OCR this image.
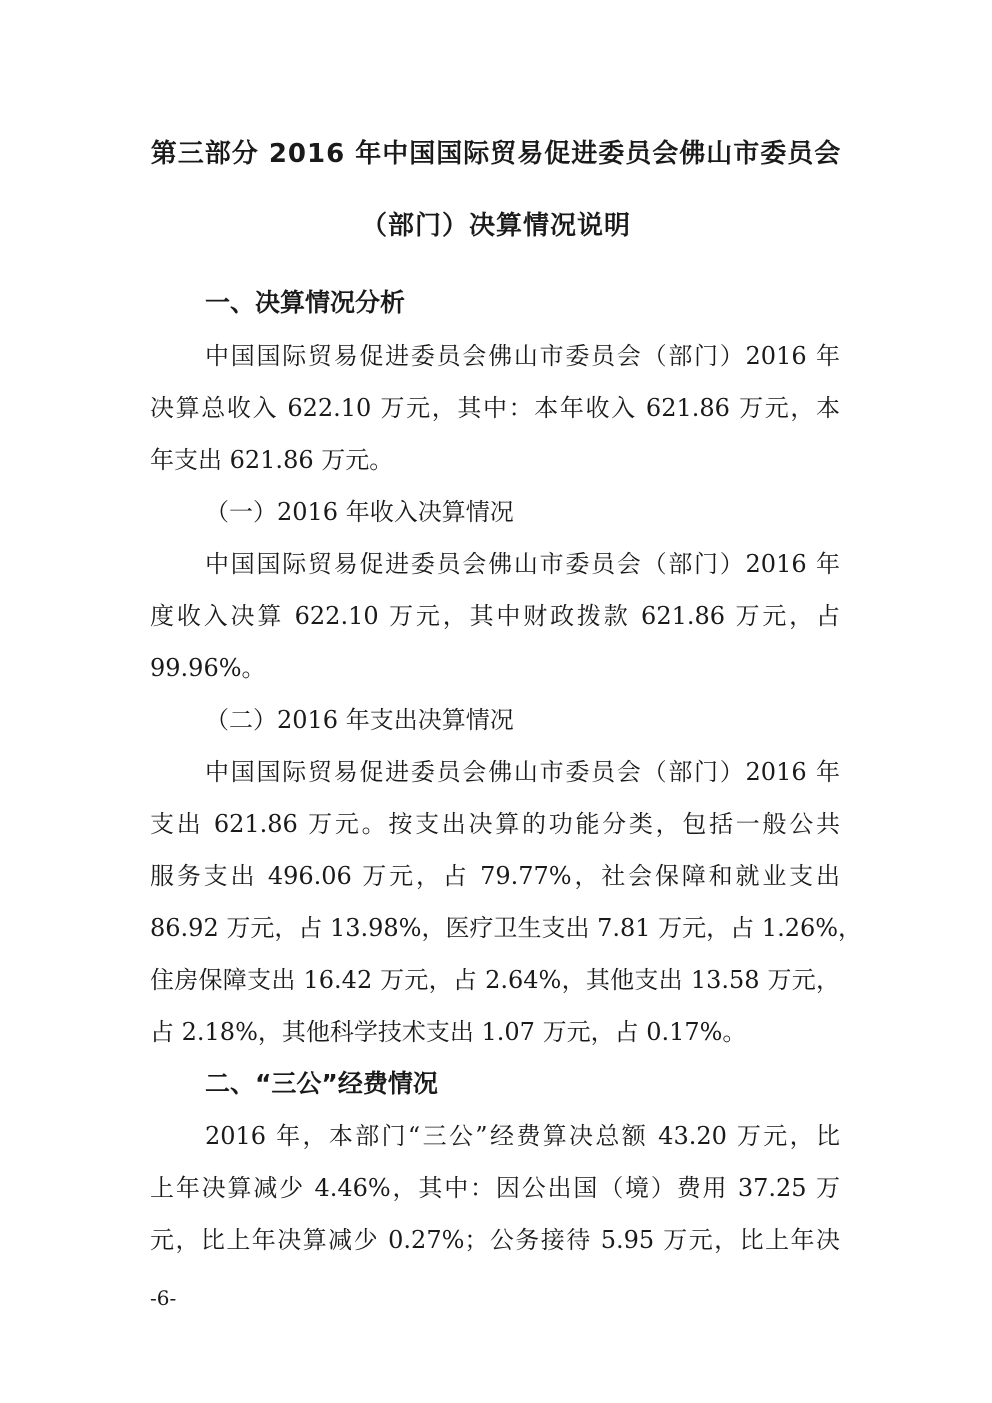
第三部分 2016 年中国国际贸易促进委员会佛山市委员会
（部门）决算情况说明
一、决算情况分析
中国国际贸易促进委员会佛山市委员会（部门）2016 年
决算总收入 622.10 万元，其中：本年收入 621.86 万元，本
年支出 621.86 万元。
（一）2016 年收入决算情况
中国国际贸易促进委员会佛山市委员会（部门）2016 年
度收入决算 622.10 万元，其中财政拨款 621.86 万元，占
99.96%。
（二）2016 年支出决算情况
中国国际贸易促进委员会佛山市委员会（部门）2016 年
支出 621.86 万元。按支出决算的功能分类，包括一般公共
服务支出 496.06 万元，占 79.77%，社会保障和就业支出
86.92 万元，占 13.98%，医疗卫生支出 7.81 万元，占 1.26%，
住房保障支出 16.42 万元，占 2.64%，其他支出 13.58 万元，
占 2.18%，其他科学技术支出 1.07 万元，占 0.17%。
二、“三公”经费情况
2016 年，本部门“三公”经费算决总额 43.20 万元，比
上年决算减少 4.46%，其中：因公出国（境）费用 37.25 万
元，比上年决算减少 0.27%；公务接待 5.95 万元，比上年决
-6-
